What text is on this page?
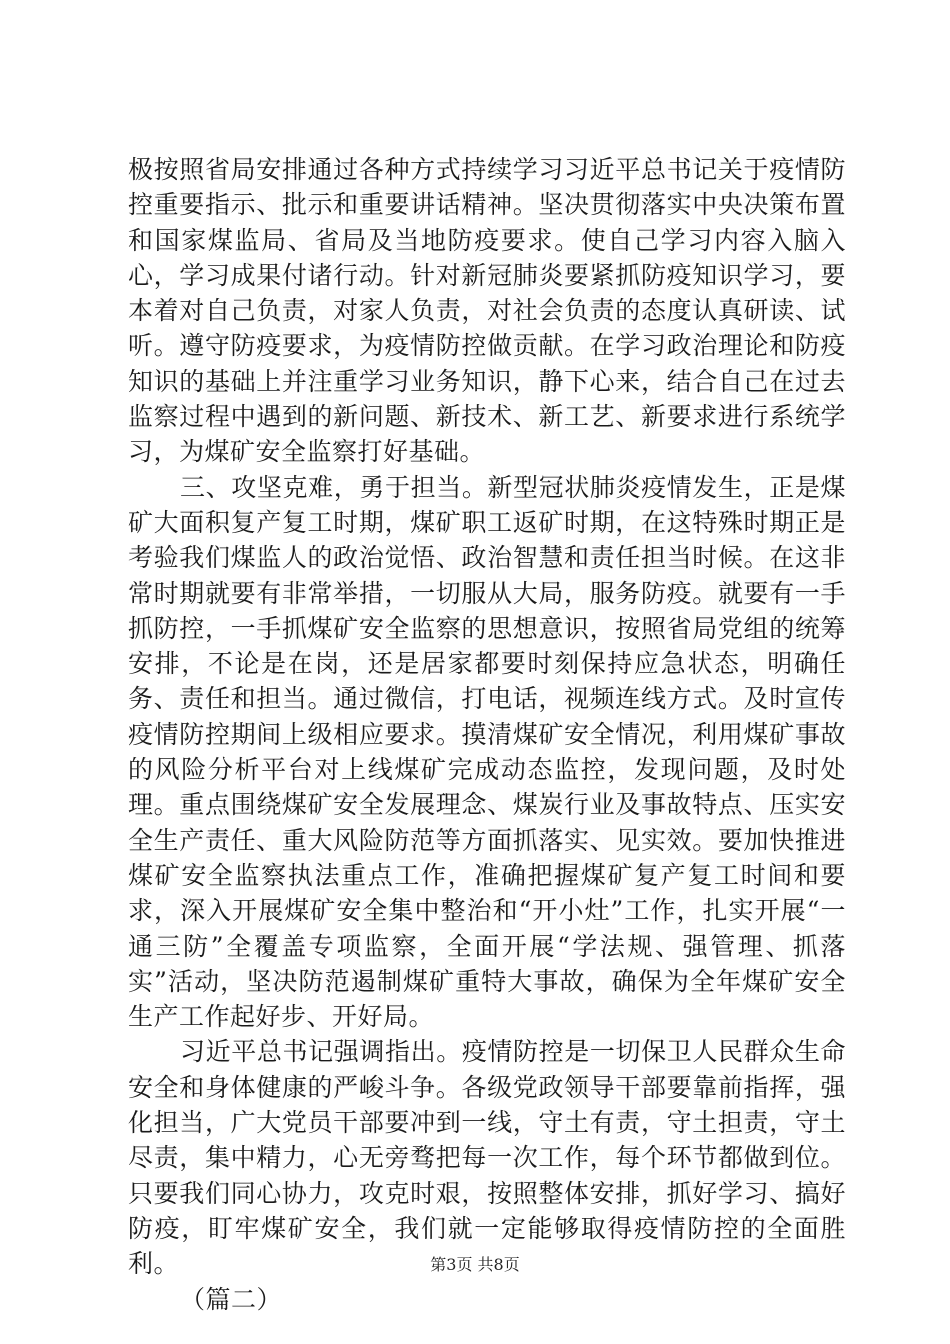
极按照省局安排通过各种方式持续学习习近平总书记关于疫情防控重要指示、批示和重要讲话精神。坚决贯彻落实中央决策布置和国家煤监局、省局及当地防疫要求。使自己学习内容入脑入心，学习成果付诸行动。针对新冠肺炎要紧抓防疫知识学习，要本着对自己负责，对家人负责，对社会负责的态度认真研读、试听。遵守防疫要求，为疫情防控做贡献。在学习政治理论和防疫知识的基础上并注重学习业务知识，静下心来，结合自己在过去监察过程中遇到的新问题、新技术、新工艺、新要求进行系统学习，为煤矿安全监察打好基础。

三、攻坚克难，勇于担当。新型冠状肺炎疫情发生，正是煤矿大面积复产复工时期，煤矿职工返矿时期，在这特殊时期正是考验我们煤监人的政治觉悟、政治智慧和责任担当时候。在这非常时期就要有非常举措，一切服从大局，服务防疫。就要有一手抓防控，一手抓煤矿安全监察的思想意识，按照省局党组的统筹安排，不论是在岗，还是居家都要时刻保持应急状态，明确任务、责任和担当。通过微信，打电话，视频连线方式。及时宣传疫情防控期间上级相应要求。摸清煤矿安全情况，利用煤矿事故的风险分析平台对上线煤矿完成动态监控，发现问题，及时处理。重点围绕煤矿安全发展理念、煤炭行业及事故特点、压实安全生产责任、重大风险防范等方面抓落实、见实效。要加快推进煤矿安全监察执法重点工作，准确把握煤矿复产复工时间和要求，深入开展煤矿安全集中整治和“开小灶”工作，扎实开展“一通三防”全覆盖专项监察，全面开展“学法规、强管理、抓落实”活动，坚决防范遏制煤矿重特大事故，确保为全年煤矿安全生产工作起好步、开好局。

习近平总书记强调指出。疫情防控是一切保卫人民群众生命安全和身体健康的严峻斗争。各级党政领导干部要靠前指挥，强化担当，广大党员干部要冲到一线，守土有责，守土担责，守土尽责，集中精力，心无旁骛把每一次工作，每个环节都做到位。只要我们同心协力，攻克时艰，按照整体安排，抓好学习、搞好防疫，盯牢煤矿安全，我们就一定能够取得疫情防控的全面胜利。

（篇二）

第3页 共8页
